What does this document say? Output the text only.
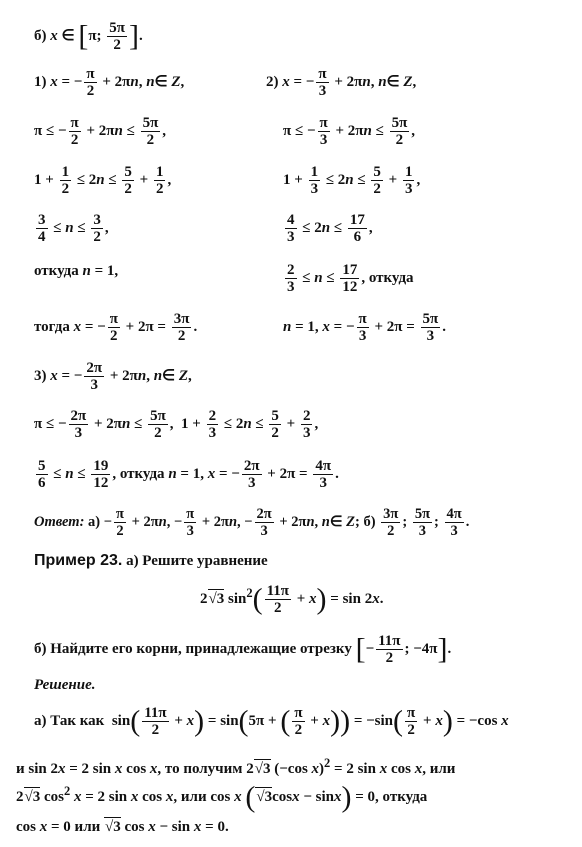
б) x ∈ [π; $\frac{5\pi}{2}$ ].
1) x = − $\frac{\pi}{2} + 2\pi n$, n∈ Z,
π ≤ − $\frac{\pi}{2} + 2\pi n \le \frac{5\pi}{2}$ ,
$1 + \frac{1}{2} \le 2n \le \frac{5}{2} + \frac{1}{2}$ ,
$\frac{3}{4} \le n \le \frac{3}{2}$ ,
откуда n = 1,
тогда x = − $\frac{\pi}{2} + 2\pi = \frac{3\pi}{2}$ .
2) x = − $\frac{\pi}{3} + 2\pi n$, n∈ Z,
π ≤ − $\frac{\pi}{3} + 2\pi n \le \frac{5\pi}{2}$ ,
$1 + \frac{1}{3} \le 2n \le \frac{5}{2} + \frac{1}{3}$ ,
$\frac{4}{3} \le 2n \le \frac{17}{6}$ ,
$\frac{2}{3} \le n \le \frac{17}{12}$ , откуда
n = 1, x = − $\frac{\pi}{3} + 2\pi = \frac{5\pi}{3}$ .
3) x = − $\frac{2\pi}{3} + 2\pi n$, n∈ Z,
π ≤ − $\frac{2\pi}{3} + 2\pi n \le \frac{5\pi}{2}$ ,  $1 + \frac{2}{3} \le 2n \le \frac{5}{2} + \frac{2}{3}$ ,
$\frac{5}{6} \le n \le \frac{19}{12}$ , откуда n = 1, x = − $\frac{2\pi}{3} + 2\pi = \frac{4\pi}{3}$ .
Ответ: $а) - \frac{\pi}{2} + 2\pi n$, − $\frac{\pi}{3} + 2\pi n$, − $\frac{2\pi}{3} + 2\pi n$, n∈ Z; $б) \frac{3\pi}{2}$ ; $\frac{5\pi}{3}$ ; $\frac{4\pi}{3}$ .
Пример 23. а) Решите уравнение
2√3 $\sin^2( \frac{11\pi}{2} + x) = \sin 2x$.
б) Найдите его корни, принадлежащие отрезку [− $\frac{11\pi}{2}$ ; −4π].
Решение.
а) Так как  $\sin( \frac{11\pi}{2} + x) = \sin(5\pi$ + ( $\frac{\pi}{2} + x)) = -\sin( \frac{\pi}{2} + x) = -\cos$ x
и sin 2x = 2 sin x cos x, то получим 2√3 (−cos x)$^2$ = 2 sin x cos x, или
2√3 $\cos^2 x = 2$ sin x cos x, или cos x (√3cosx − sinx) = 0, откуда
cos x = 0 или √3 cos x − sin x = 0.
